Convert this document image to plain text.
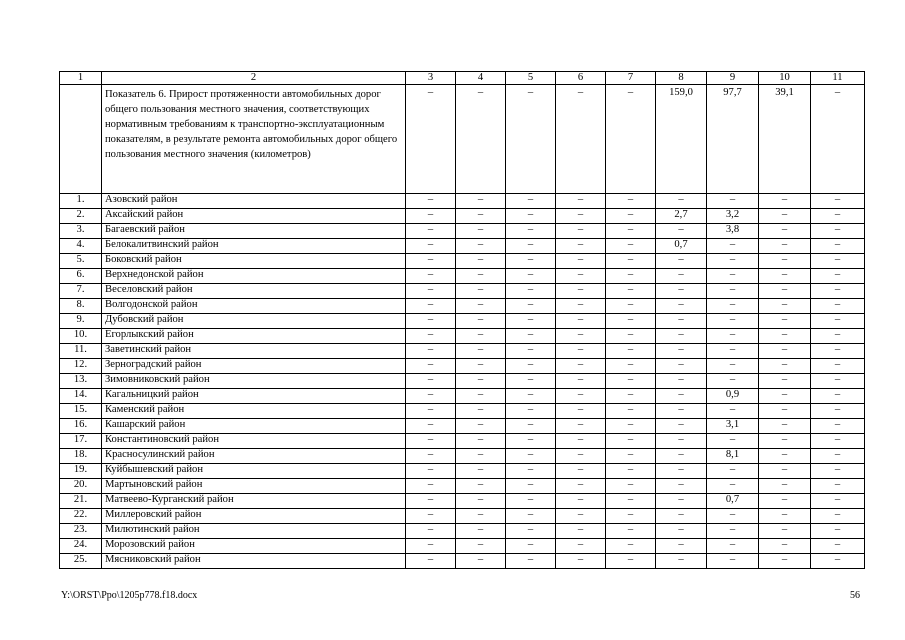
1	2	3	4	5	6	7	8	9	10	11
	Показатель 6. Прирост протяженности автомобильных дорог общего пользования местного значения, соответствующих нормативным требованиям к транспортно-эксплуатационным показателям, в результате ремонта автомобильных дорог общего пользования местного значения (километров)	–	–	–	–	–	159,0	97,7	39,1	–
1.	Азовский район	–	–	–	–	–	–	–	–	–
2.	Аксайский район	–	–	–	–	–	2,7	3,2	–	–
3.	Багаевский район	–	–	–	–	–	–	3,8	–	–
4.	Белокалитвинский район	–	–	–	–	–	0,7	–	–	–
5.	Боковский район	–	–	–	–	–	–	–	–	–
6.	Верхнедонской район	–	–	–	–	–	–	–	–	–
7.	Веселовский район	–	–	–	–	–	–	–	–	–
8.	Волгодонской район	–	–	–	–	–	–	–	–	–
9.	Дубовский район	–	–	–	–	–	–	–	–	–
10.	Егорлыкский район	–	–	–	–	–	–	–	–	–
11.	Заветинский район	–	–	–	–	–	–	–	–	–
12.	Зерноградский район	–	–	–	–	–	–	–	–	–
13.	Зимовниковский район	–	–	–	–	–	–	–	–	–
14.	Кагальницкий район	–	–	–	–	–	–	0,9	–	–
15.	Каменский район	–	–	–	–	–	–	–	–	–
16.	Кашарский район	–	–	–	–	–	–	3,1	–	–
17.	Константиновский район	–	–	–	–	–	–	–	–	–
18.	Красносулинский район	–	–	–	–	–	–	8,1	–	–
19.	Куйбышевский район	–	–	–	–	–	–	–	–	–
20.	Мартыновский район	–	–	–	–	–	–	–	–	–
21.	Матвеево-Курганский район	–	–	–	–	–	–	0,7	–	–
22.	Миллеровский район	–	–	–	–	–	–	–	–	–
23.	Милютинский район	–	–	–	–	–	–	–	–	–
24.	Морозовский район	–	–	–	–	–	–	–	–	–
25.	Мясниковский район	–	–	–	–	–	–	–	–	–
Y:\ORST\Ppo\1205p778.f18.docx	56
